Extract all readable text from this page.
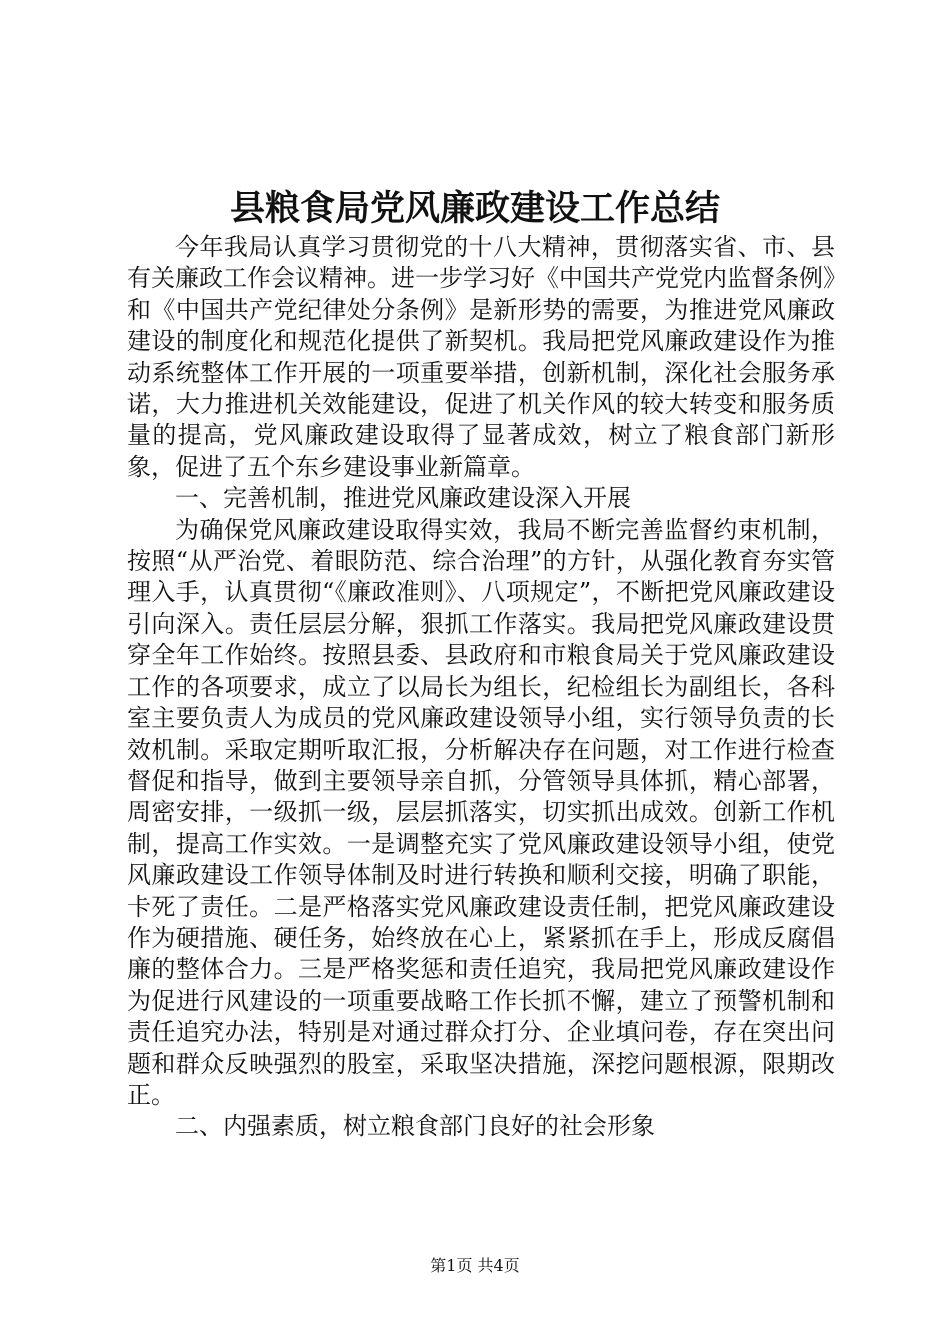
县粮食局党风廉政建设工作总结

今年我局认真学习贯彻党的十八大精神，贯彻落实省、市、县有关廉政工作会议精神。进一步学习好《中国共产党党内监督条例》和《中国共产党纪律处分条例》是新形势的需要，为推进党风廉政建设的制度化和规范化提供了新契机。我局把党风廉政建设作为推动系统整体工作开展的一项重要举措，创新机制，深化社会服务承诺，大力推进机关效能建设，促进了机关作风的较大转变和服务质量的提高，党风廉政建设取得了显著成效，树立了粮食部门新形象，促进了五个东乡建设事业新篇章。

一、完善机制，推进党风廉政建设深入开展

为确保党风廉政建设取得实效，我局不断完善监督约束机制，按照“从严治党、着眼防范、综合治理”的方针，从强化教育夯实管理入手，认真贯彻“《廉政准则》、八项规定”，不断把党风廉政建设引向深入。责任层层分解，狠抓工作落实。我局把党风廉政建设贯穿全年工作始终。按照县委、县政府和市粮食局关于党风廉政建设工作的各项要求，成立了以局长为组长，纪检组长为副组长，各科室主要负责人为成员的党风廉政建设领导小组，实行领导负责的长效机制。采取定期听取汇报，分析解决存在问题，对工作进行检查督促和指导，做到主要领导亲自抓，分管领导具体抓，精心部署，周密安排，一级抓一级，层层抓落实，切实抓出成效。创新工作机制，提高工作实效。一是调整充实了党风廉政建设领导小组，使党风廉政建设工作领导体制及时进行转换和顺利交接，明确了职能，卡死了责任。二是严格落实党风廉政建设责任制，把党风廉政建设作为硬措施、硬任务，始终放在心上，紧紧抓在手上，形成反腐倡廉的整体合力。三是严格奖惩和责任追究，我局把党风廉政建设作为促进行风建设的一项重要战略工作长抓不懈，建立了预警机制和责任追究办法，特别是对通过群众打分、企业填问卷，存在突出问题和群众反映强烈的股室，采取坚决措施，深挖问题根源，限期改正。

二、内强素质，树立粮食部门良好的社会形象

第1页 共4页
